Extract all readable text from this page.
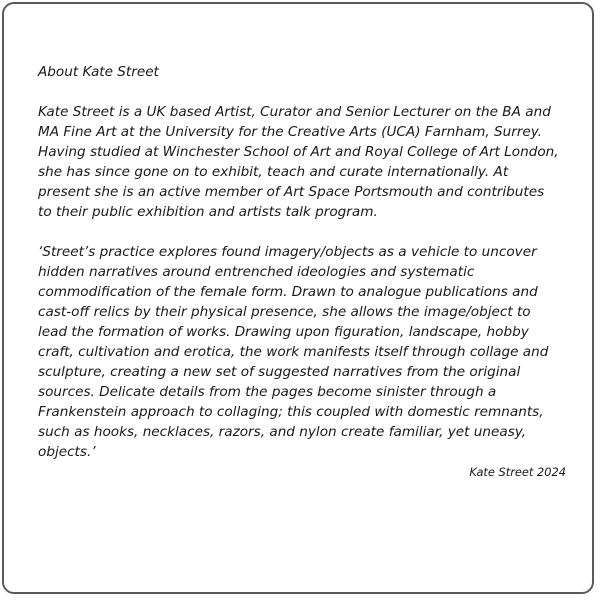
About Kate Street
Kate Street is a UK based Artist, Curator and Senior Lecturer on the BA and
MA Fine Art at the University for the Creative Arts (UCA) Farnham, Surrey.
Having studied at Winchester School of Art and Royal College of Art London,
she has since gone on to exhibit, teach and curate internationally. At
present she is an active member of Art Space Portsmouth and contributes
to their public exhibition and artists talk program.
‘Street’s practice explores found imagery/objects as a vehicle to uncover
hidden narratives around entrenched ideologies and systematic
commodification of the female form. Drawn to analogue publications and
cast-off relics by their physical presence, she allows the image/object to
lead the formation of works. Drawing upon figuration, landscape, hobby
craft, cultivation and erotica, the work manifests itself through collage and
sculpture, creating a new set of suggested narratives from the original
sources. Delicate details from the pages become sinister through a
Frankenstein approach to collaging; this coupled with domestic remnants,
such as hooks, necklaces, razors, and nylon create familiar, yet uneasy,
objects.’
Kate Street 2024
